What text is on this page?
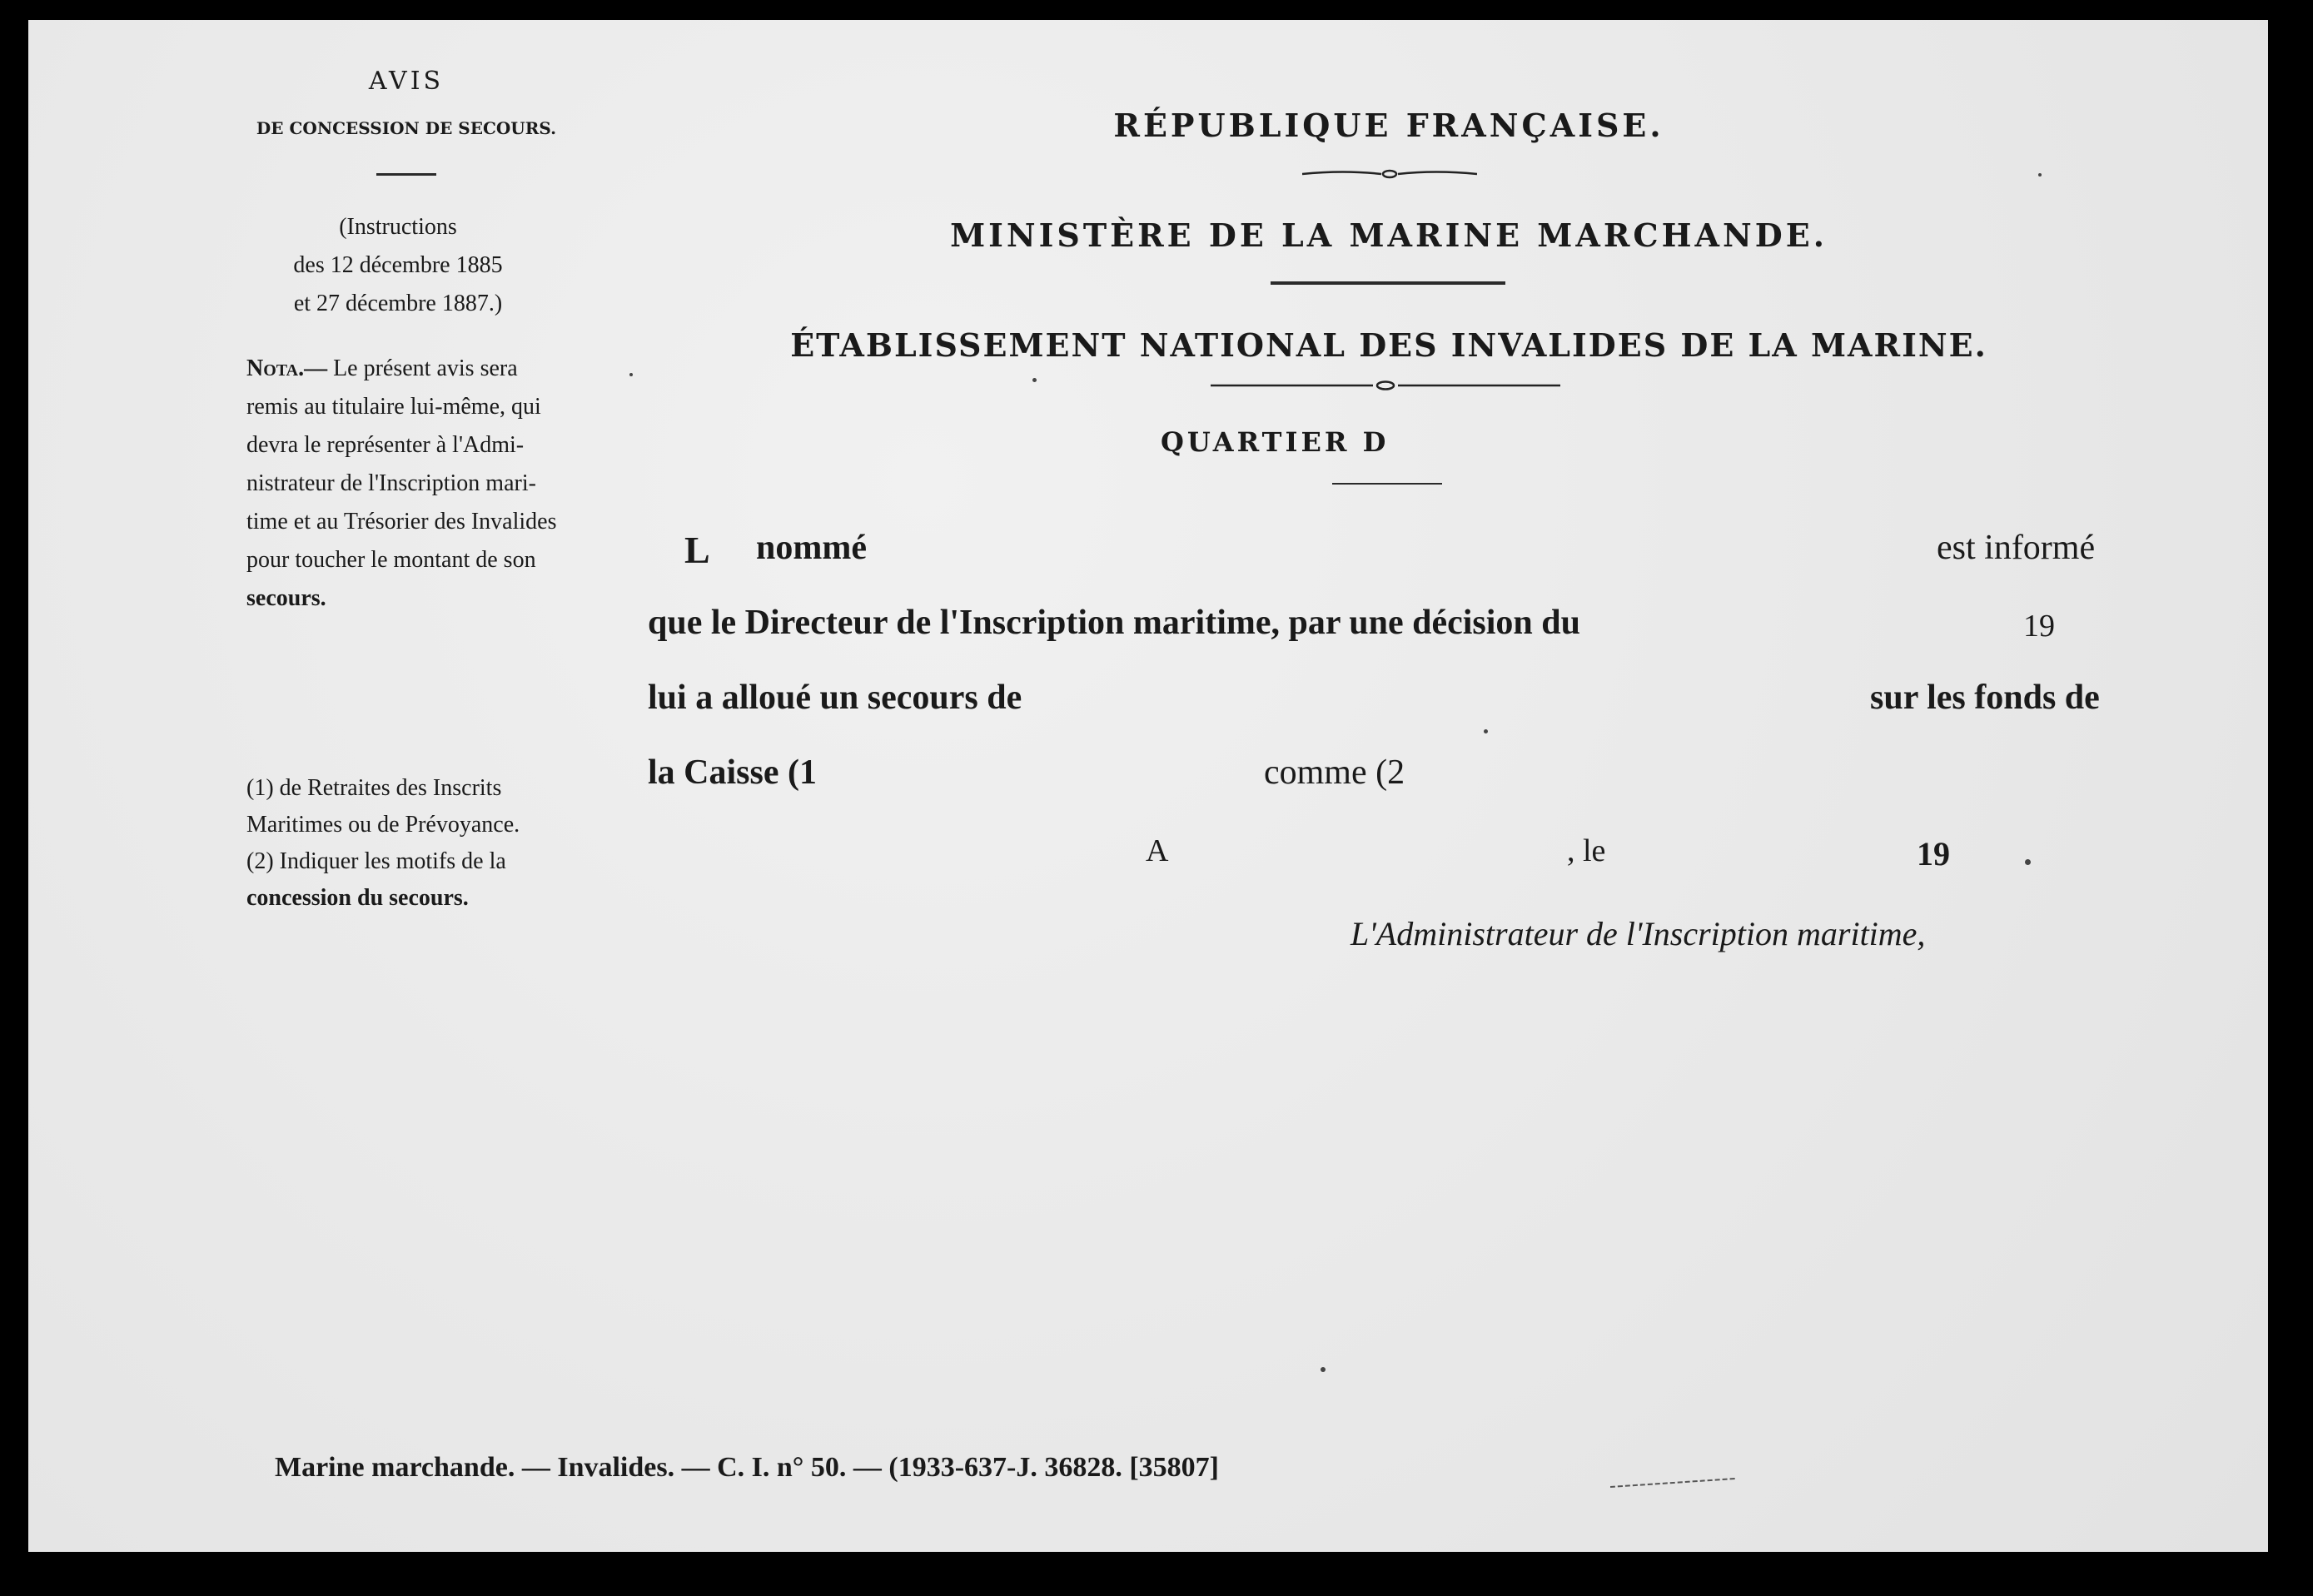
AVIS
DE CONCESSION DE SECOURS.
(Instructions
des 12 décembre 1885
et 27 décembre 1887.)
Nota.— Le présent avis sera
remis au titulaire lui-même, qui
devra le représenter à l'Admi-
nistrateur de l'Inscription mari-
time et au Trésorier des Invalides
pour toucher le montant de son
secours.
(1) de Retraites des Inscrits
Maritimes ou de Prévoyance.
(2) Indiquer les motifs de la
concession du secours.
RÉPUBLIQUE FRANÇAISE.
MINISTÈRE DE LA MARINE MARCHANDE.
ÉTABLISSEMENT NATIONAL DES INVALIDES DE LA MARINE.
QUARTIER D
L nommé	est informé
que le Directeur de l'Inscription maritime, par une décision du	19
lui a alloué un secours de	sur les fonds de
la Caisse (1	comme (2
A	, le	19
L'Administrateur de l'Inscription maritime,
Marine marchande. — Invalides. — C. I. n° 50. — (1933-637-J. 36828. [35807]
